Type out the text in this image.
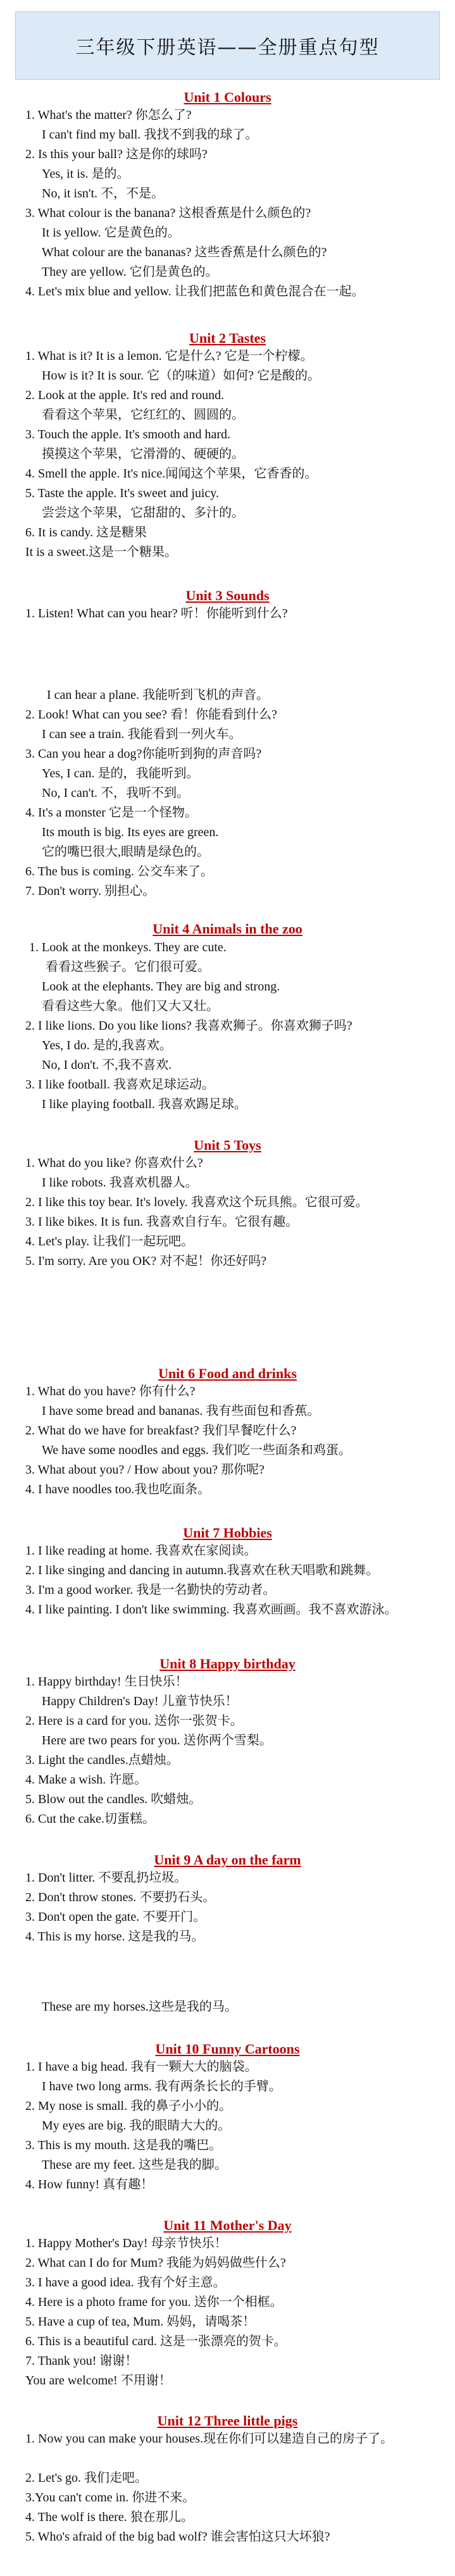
三年级下册英语——全册重点句型
Unit 1 Colours
1. What's the matter? 你怎么了?
I can't find my ball. 我找不到我的球了。
2. Is this your ball? 这是你的球吗?
Yes, it is. 是的。
No, it isn't. 不，不是。
3. What colour is the banana? 这根香蕉是什么颜色的?
It is yellow. 它是黄色的。
What colour are the bananas? 这些香蕉是什么颜色的?
They are yellow. 它们是黄色的。
4. Let's mix blue and yellow. 让我们把蓝色和黄色混合在一起。
Unit 2 Tastes
1. What is it? It is a lemon. 它是什么? 它是一个柠檬。
How is it? It is sour. 它（的味道）如何? 它是酸的。
2. Look at the apple. It's red and round.
看看这个苹果，它红红的、圆圆的。
3. Touch the apple. It's smooth and hard.
摸摸这个苹果，它滑滑的、硬硬的。
4. Smell the apple. It's nice.闻闻这个苹果，它香香的。
5. Taste the apple. It's sweet and juicy.
尝尝这个苹果，它甜甜的、多汁的。
6. It is candy. 这是糖果
It is a sweet.这是一个糖果。
Unit 3 Sounds
1. Listen! What can you hear? 听！你能听到什么?
I can hear a plane. 我能听到飞机的声音。
2. Look! What can you see? 看！你能看到什么?
I can see a train. 我能看到一列火车。
3. Can you hear a dog?你能听到狗的声音吗?
Yes, I can. 是的，我能听到。
No, I can't. 不，我听不到。
4. It's a monster 它是一个怪物。
Its mouth is big. Its eyes are green.
它的嘴巴很大,眼睛是绿色的。
6. The bus is coming. 公交车来了。
7. Don't worry. 别担心。
Unit 4 Animals in the zoo
1. Look at the monkeys. They are cute.
看看这些猴子。它们很可爱。
Look at the elephants. They are big and strong.
看看这些大象。他们又大又壮。
2. I like lions. Do you like lions? 我喜欢狮子。你喜欢狮子吗?
Yes, I do. 是的,我喜欢。
No, I don't. 不,我不喜欢.
3. I like football. 我喜欢足球运动。
I like playing football. 我喜欢踢足球。
Unit 5 Toys
1. What do you like? 你喜欢什么?
I like robots. 我喜欢机器人。
2. I like this toy bear. It's lovely. 我喜欢这个玩具熊。它很可爱。
3. I like bikes. It is fun. 我喜欢自行车。它很有趣。
4. Let's play. 让我们一起玩吧。
5. I'm sorry. Are you OK? 对不起！你还好吗?
Unit 6 Food and drinks
1. What do you have? 你有什么?
I have some bread and bananas. 我有些面包和香蕉。
2. What do we have for breakfast? 我们早餐吃什么?
We have some noodles and eggs. 我们吃一些面条和鸡蛋。
3. What about you? / How about you? 那你呢?
4. I have noodles too.我也吃面条。
Unit 7 Hobbies
1. I like reading at home. 我喜欢在家阅读。
2. I like singing and dancing in autumn.我喜欢在秋天唱歌和跳舞。
3. I'm a good worker. 我是一名勤快的劳动者。
4. I like painting. I don't like swimming. 我喜欢画画。我不喜欢游泳。
Unit 8 Happy birthday
1. Happy birthday! 生日快乐！
Happy Children's Day! 儿童节快乐！
2. Here is a card for you. 送你一张贺卡。
Here are two pears for you. 送你两个雪梨。
3. Light the candles.点蜡烛。
4. Make a wish. 许愿。
5. Blow out the candles. 吹蜡烛。
6. Cut the cake.切蛋糕。
Unit 9 A day on the farm
1. Don't litter. 不要乱扔垃圾。
2. Don't throw stones. 不要扔石头。
3. Don't open the gate. 不要开门。
4. This is my horse. 这是我的马。
These are my horses.这些是我的马。
Unit 10 Funny Cartoons
1. I have a big head. 我有一颗大大的脑袋。
I have two long arms. 我有两条长长的手臂。
2. My nose is small. 我的鼻子小小的。
My eyes are big. 我的眼睛大大的。
3. This is my mouth. 这是我的嘴巴。
These are my feet. 这些是我的脚。
4. How funny! 真有趣！
Unit 11 Mother's Day
1. Happy Mother's Day! 母亲节快乐！
2. What can I do for Mum? 我能为妈妈做些什么?
3. I have a good idea. 我有个好主意。
4. Here is a photo frame for you. 送你一个相框。
5. Have a cup of tea, Mum. 妈妈，请喝茶！
6. This is a beautiful card. 这是一张漂亮的贺卡。
7. Thank you! 谢谢！
You are welcome! 不用谢！
Unit 12 Three little pigs
1. Now you can make your houses.现在你们可以建造自己的房子了。
2. Let's go. 我们走吧。
3.You can't come in. 你进不来。
4. The wolf is there. 狼在那儿。
5. Who's afraid of the big bad wolf? 谁会害怕这只大坏狼?
